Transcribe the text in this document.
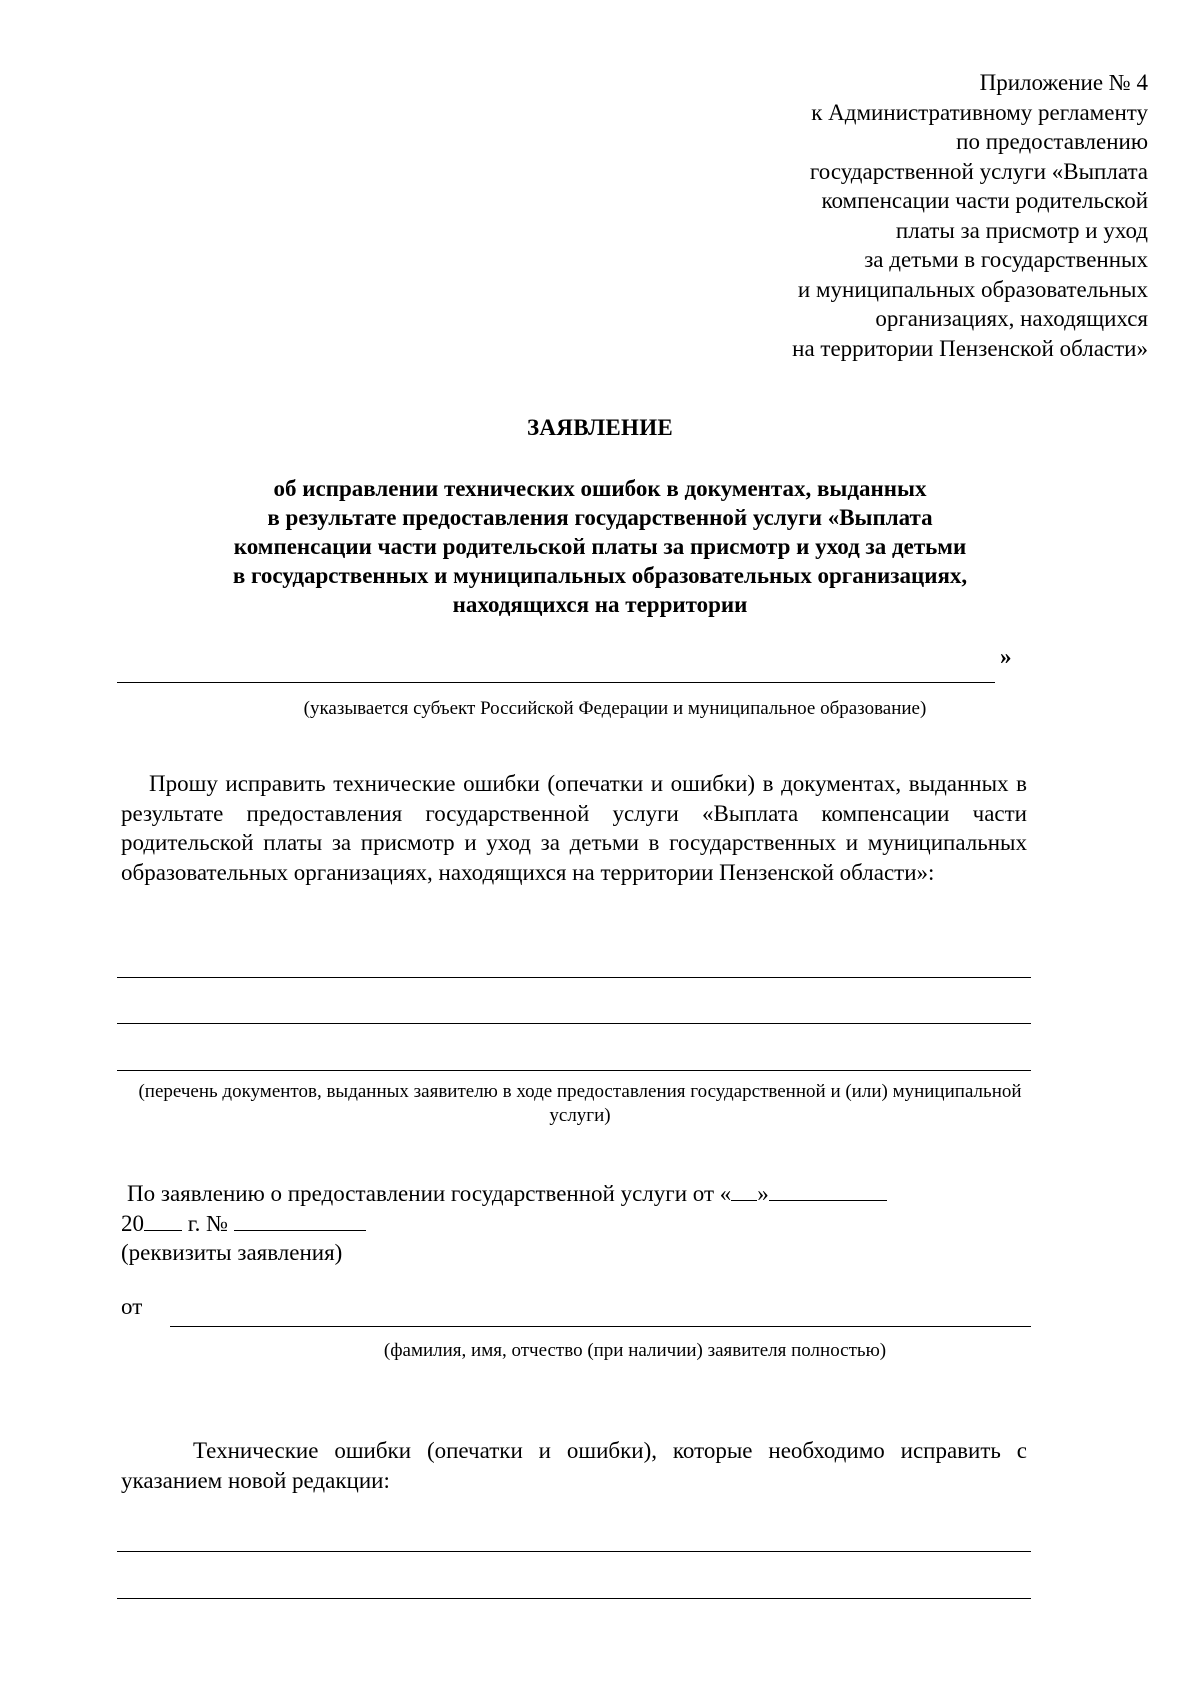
Приложение № 4
к Административному регламенту
по предоставлению
государственной услуги «Выплата
компенсации части родительской
платы за присмотр и уход
за детьми в государственных
и муниципальных образовательных
организациях, находящихся
на территории Пензенской области»
ЗАЯВЛЕНИЕ
об исправлении технических ошибок в документах, выданных
в результате предоставления государственной услуги «Выплата
компенсации части родительской платы за присмотр и уход за детьми
в государственных и муниципальных образовательных организациях,
находящихся на территории
»
(указывается субъект Российской Федерации и муниципальное образование)
Прошу исправить технические ошибки (опечатки и ошибки) в документах, выданных в результате предоставления государственной услуги «Выплата компенсации части родительской платы за присмотр и уход за детьми в государственных и муниципальных образовательных организациях, находящихся на территории Пензенской области»:
(перечень документов, выданных заявителю в ходе предоставления государственной и (или) муниципальной услуги)
По заявлению о предоставлении государственной услуги от « »
20 г. №
(реквизиты заявления)
от
(фамилия, имя, отчество (при наличии) заявителя полностью)
Технические ошибки (опечатки и ошибки), которые необходимо исправить с указанием новой редакции:
